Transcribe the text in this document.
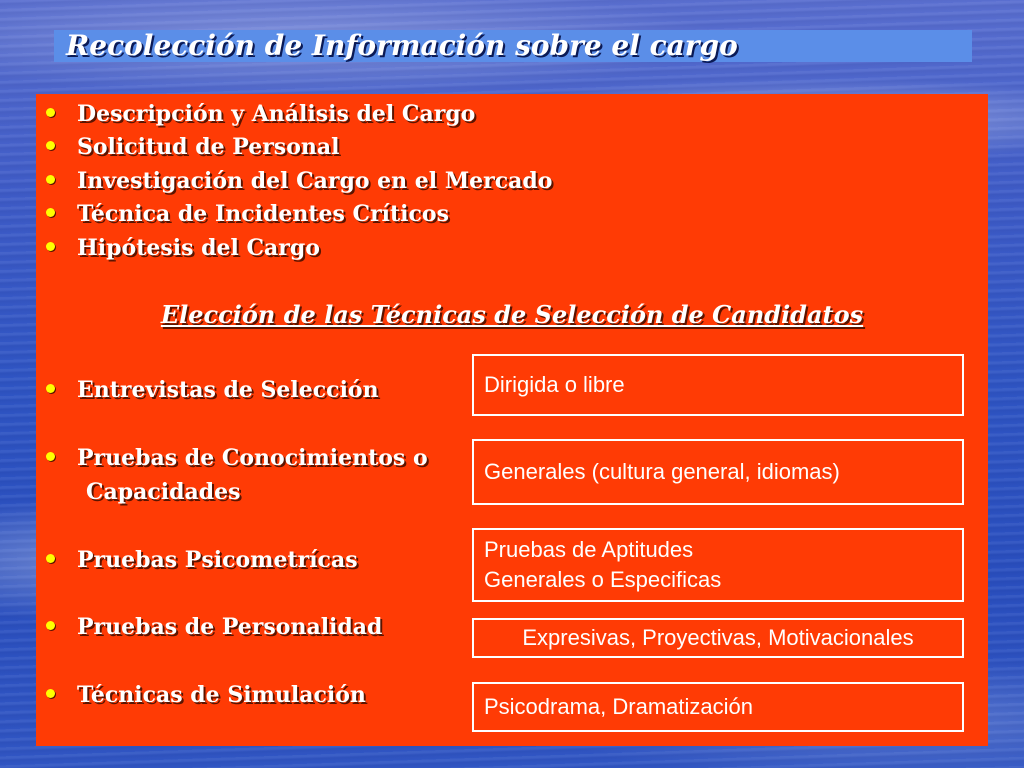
Recolección de Información sobre el cargo
Descripción y Análisis del Cargo
Solicitud de Personal
Investigación del Cargo en el Mercado
Técnica de Incidentes Críticos
Hipótesis del Cargo
Elección de las Técnicas de Selección de Candidatos
Entrevistas de Selección
Pruebas de Conocimientos o
Capacidades
Pruebas Psicometrícas
Pruebas de Personalidad
Técnicas de Simulación
Dirigida o libre
Generales (cultura general, idiomas)
Pruebas de Aptitudes
Generales o Especificas
Expresivas, Proyectivas, Motivacionales
Psicodrama, Dramatización
